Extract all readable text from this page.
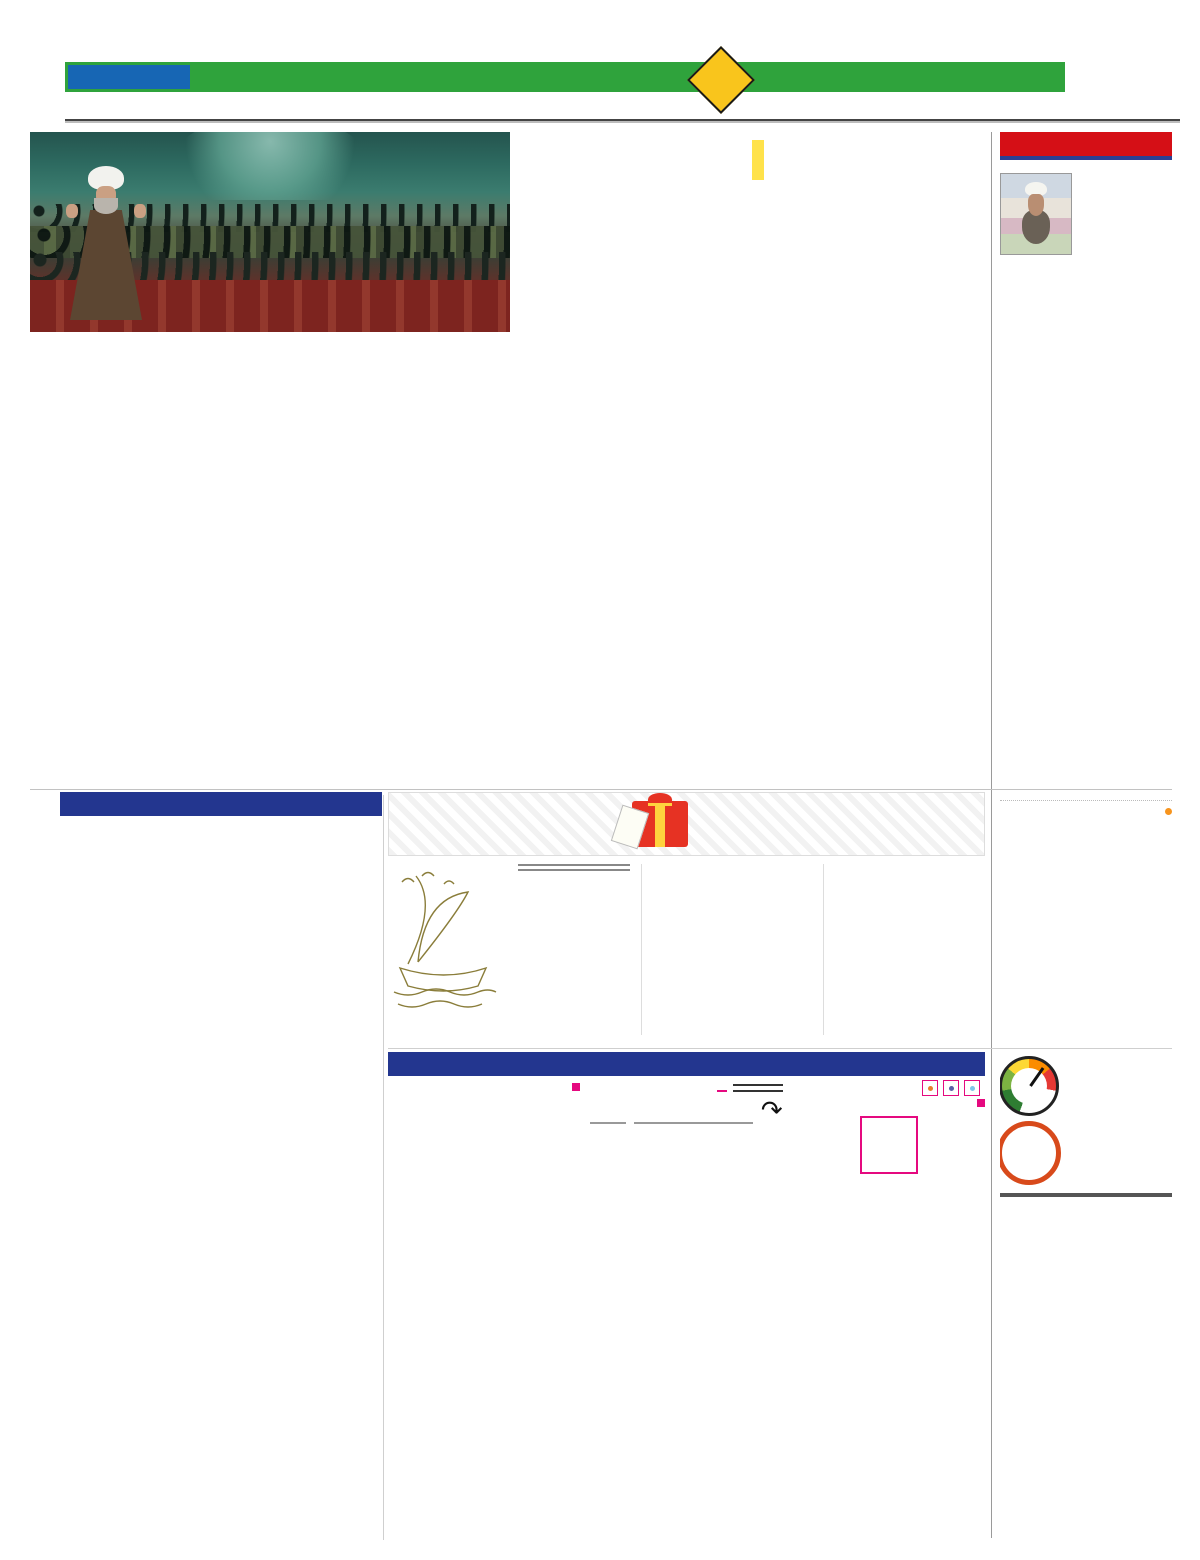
↷
